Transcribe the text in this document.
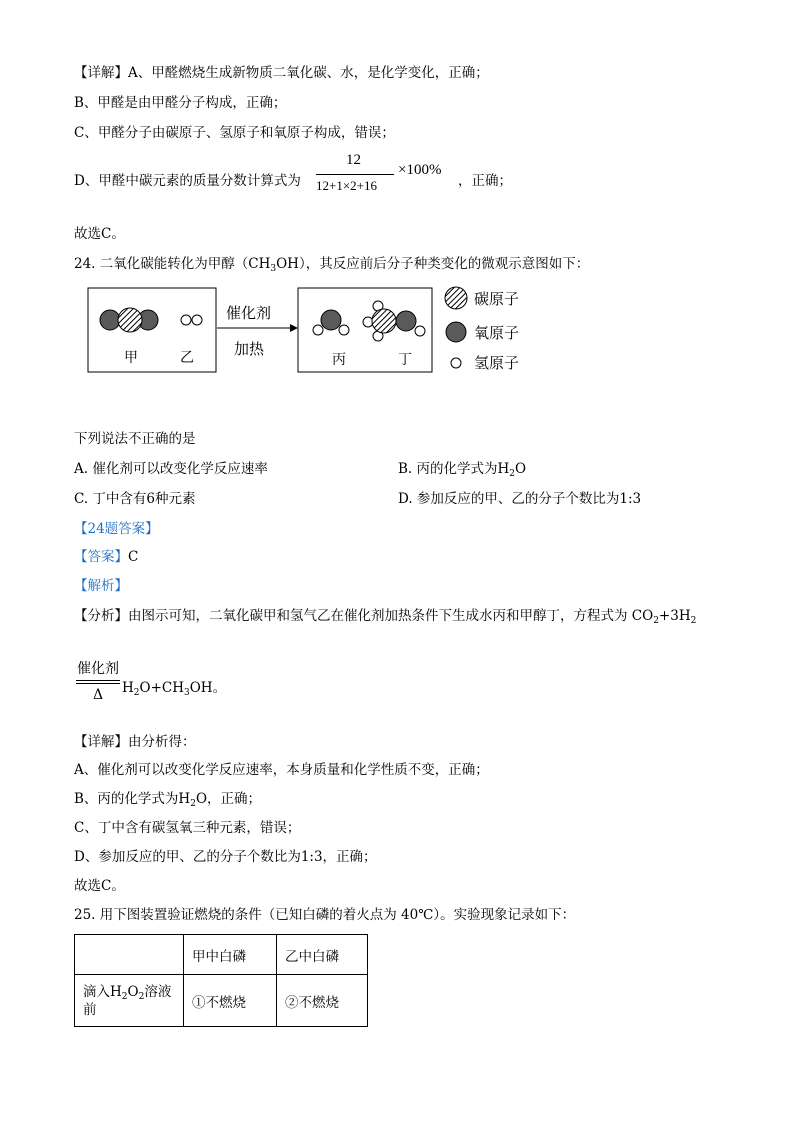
【详解】A、甲醛燃烧生成新物质二氧化碳、水，是化学变化，正确；
B、甲醛是由甲醛分子构成，正确；
C、甲醛分子由碳原子、氢原子和氧原子构成，错误；
D、甲醛中碳元素的质量分数计算式为
12
12+1×2+16
×100%
，正确；
故选C。
24. 二氧化碳能转化为甲醇$(CH_3OH)$，其反应前后分子种类变化的微观示意图如下：
甲	乙
催化剂
加热
丙	丁
碳原子
氧原子
氢原子
下列说法不正确的是
A. 催化剂可以改变化学反应速率	B. 丙的化学式为$H_2O$
C. 丁中含有6种元素	D. 参加反应的甲、乙的分子个数比为1:3
【24题答案】
【答案】C
【解析】
【分析】由图示可知，二氧化碳甲和氢气乙在催化剂加热条件下生成水丙和甲醇丁，方程式为 $CO_2+3H_2$
催化剂
Δ	$H_2O+CH_3OH$。
【详解】由分析得：
A、催化剂可以改变化学反应速率，本身质量和化学性质不变，正确；
B、丙的化学式为$H_2O$，正确；
C、丁中含有碳氢氧三种元素，错误；
D、参加反应的甲、乙的分子个数比为1:3，正确；
故选C。
25. 用下图装置验证燃烧的条件（已知白磷的着火点为 40℃）。实验现象记录如下：
	甲中白磷	乙中白磷
滴入$H_2O_2$溶液
前	①不燃烧	②不燃烧
